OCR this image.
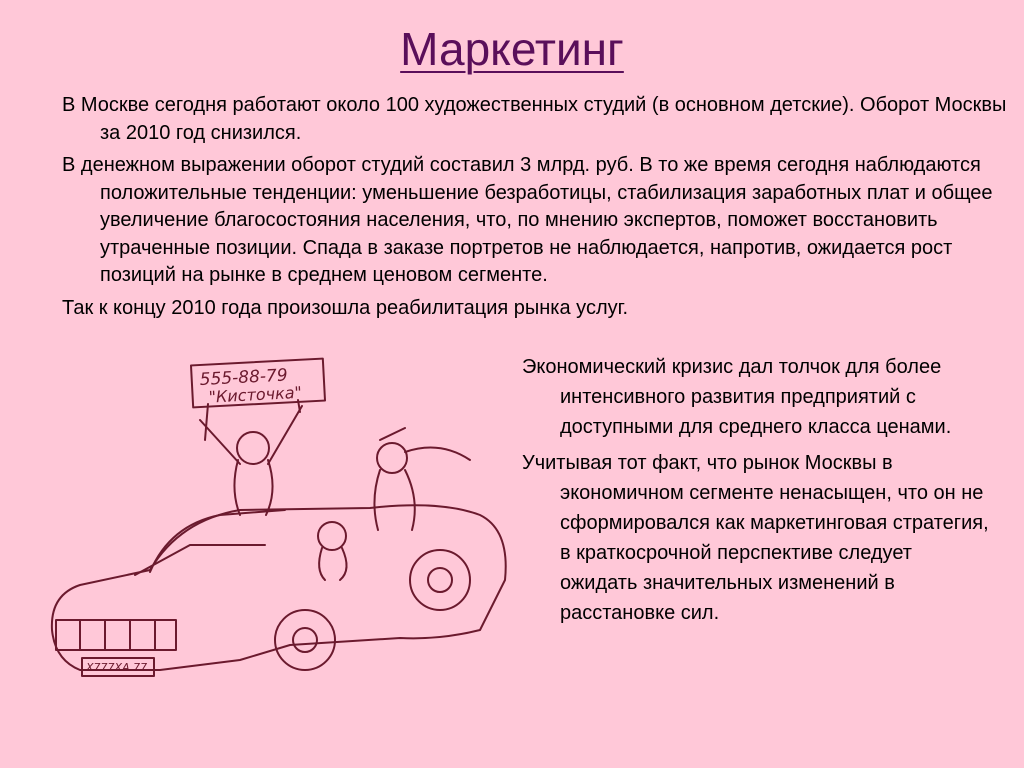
Маркетинг

В Москве сегодня работают около 100 художественных студий (в основном детские). Оборот Москвы за 2010 год снизился.

В денежном выражении оборот студий составил 3 млрд. руб. В то же время сегодня наблюдаются положительные тенденции: уменьшение безработицы, стабилизация заработных плат и общее увеличение благосостояния населения, что, по мнению экспертов, поможет восстановить утраченные позиции. Спада в заказе портретов не наблюдается, напротив, ожидается рост позиций на рынке в среднем ценовом сегменте.

Так к концу 2010 года произошла реабилитация рынка услуг.

555-88-79
"Кисточка"
Х777ХА 77

Экономический кризис дал толчок для более интенсивного развития предприятий с доступными для среднего класса ценами.

Учитывая тот факт, что рынок Москвы в экономичном сегменте ненасыщен, что он не сформировался как маркетинговая стратегия, в краткосрочной перспективе следует ожидать значительных изменений в расстановке сил.
